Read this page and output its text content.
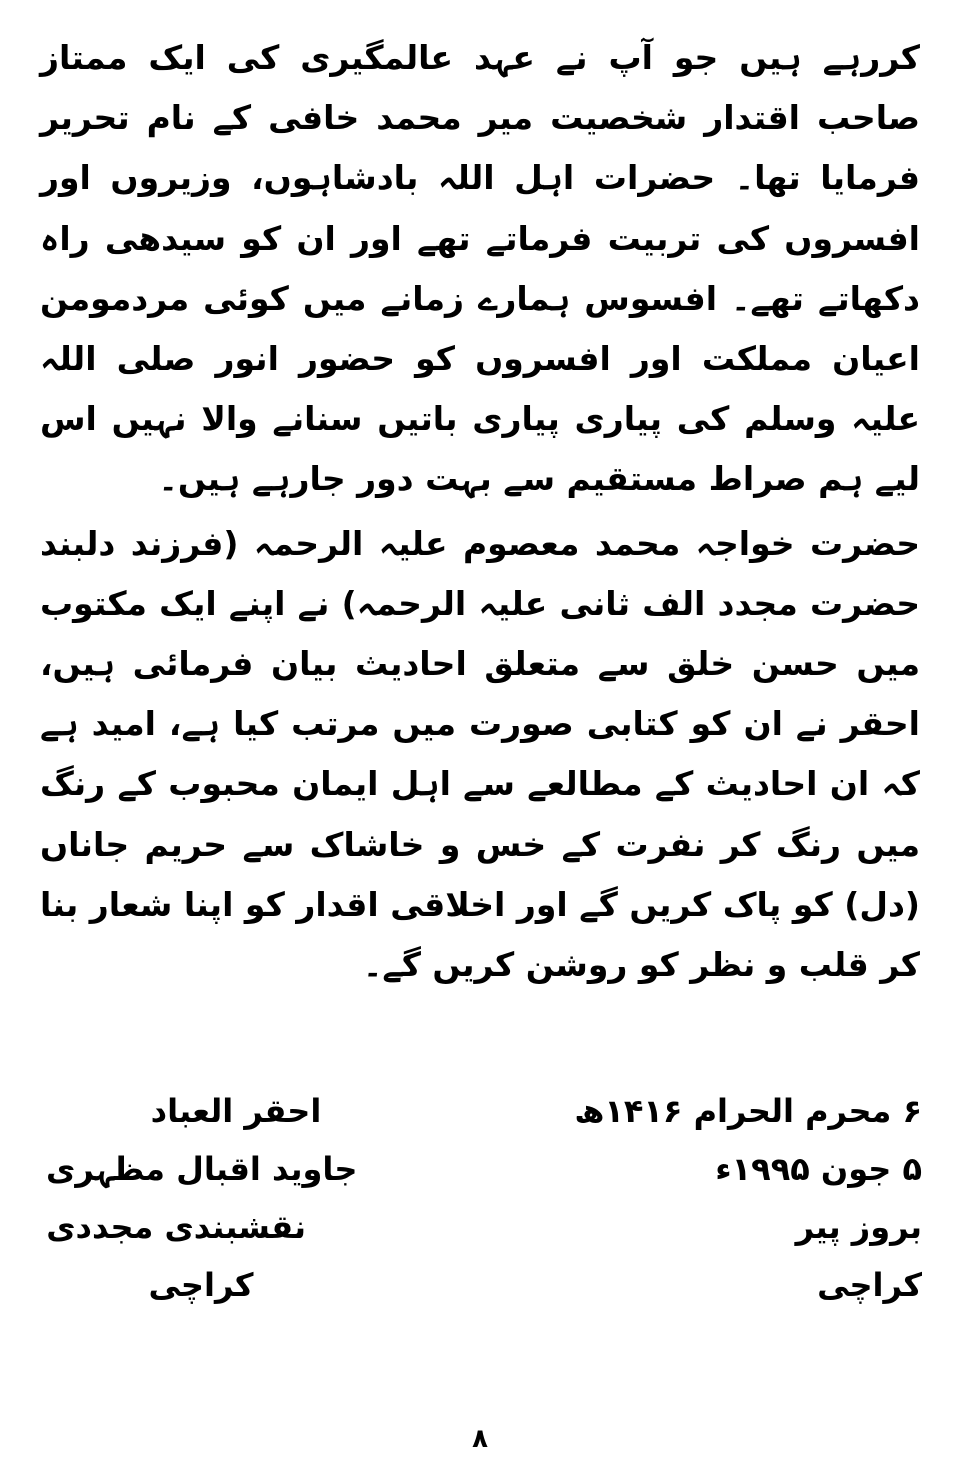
کررہے ہیں جو آپ نے عہد عالمگیری کی ایک ممتاز صاحب اقتدار شخصیت میر محمد خافی کے نام تحریر فرمایا تھا۔ حضرات اہل اللہ بادشاہوں، وزیروں اور افسروں کی تربیت فرماتے تھے اور ان کو سیدھی راہ دکھاتے تھے۔ افسوس ہمارے زمانے میں کوئی مردمومن اعیان مملکت اور افسروں کو حضور انور صلی اللہ علیہ وسلم کی پیاری پیاری باتیں سنانے والا نہیں اس لیے ہم صراط مستقیم سے بہت دور جارہے ہیں۔

حضرت خواجہ محمد معصوم علیہ الرحمہ (فرزند دلبند حضرت مجدد الف ثانی علیہ الرحمہ) نے اپنے ایک مکتوب میں حسن خلق سے متعلق احادیث بیان فرمائی ہیں، احقر نے ان کو کتابی صورت میں مرتب کیا ہے، امید ہے کہ ان احادیث کے مطالعے سے اہل ایمان محبوب کے رنگ میں رنگ کر نفرت کے خس و خاشاک سے حریم جاناں (دل) کو پاک کریں گے اور اخلاقی اقدار کو اپنا شعار بنا کر قلب و نظر کو روشن کریں گے۔

۶ محرم الحرام ۱۴۱۶ھ
۵ جون ۱۹۹۵ء
بروز پیر
کراچی
احقر العباد
جاوید اقبال مظہری
نقشبندی مجددی
کراچی
۸
